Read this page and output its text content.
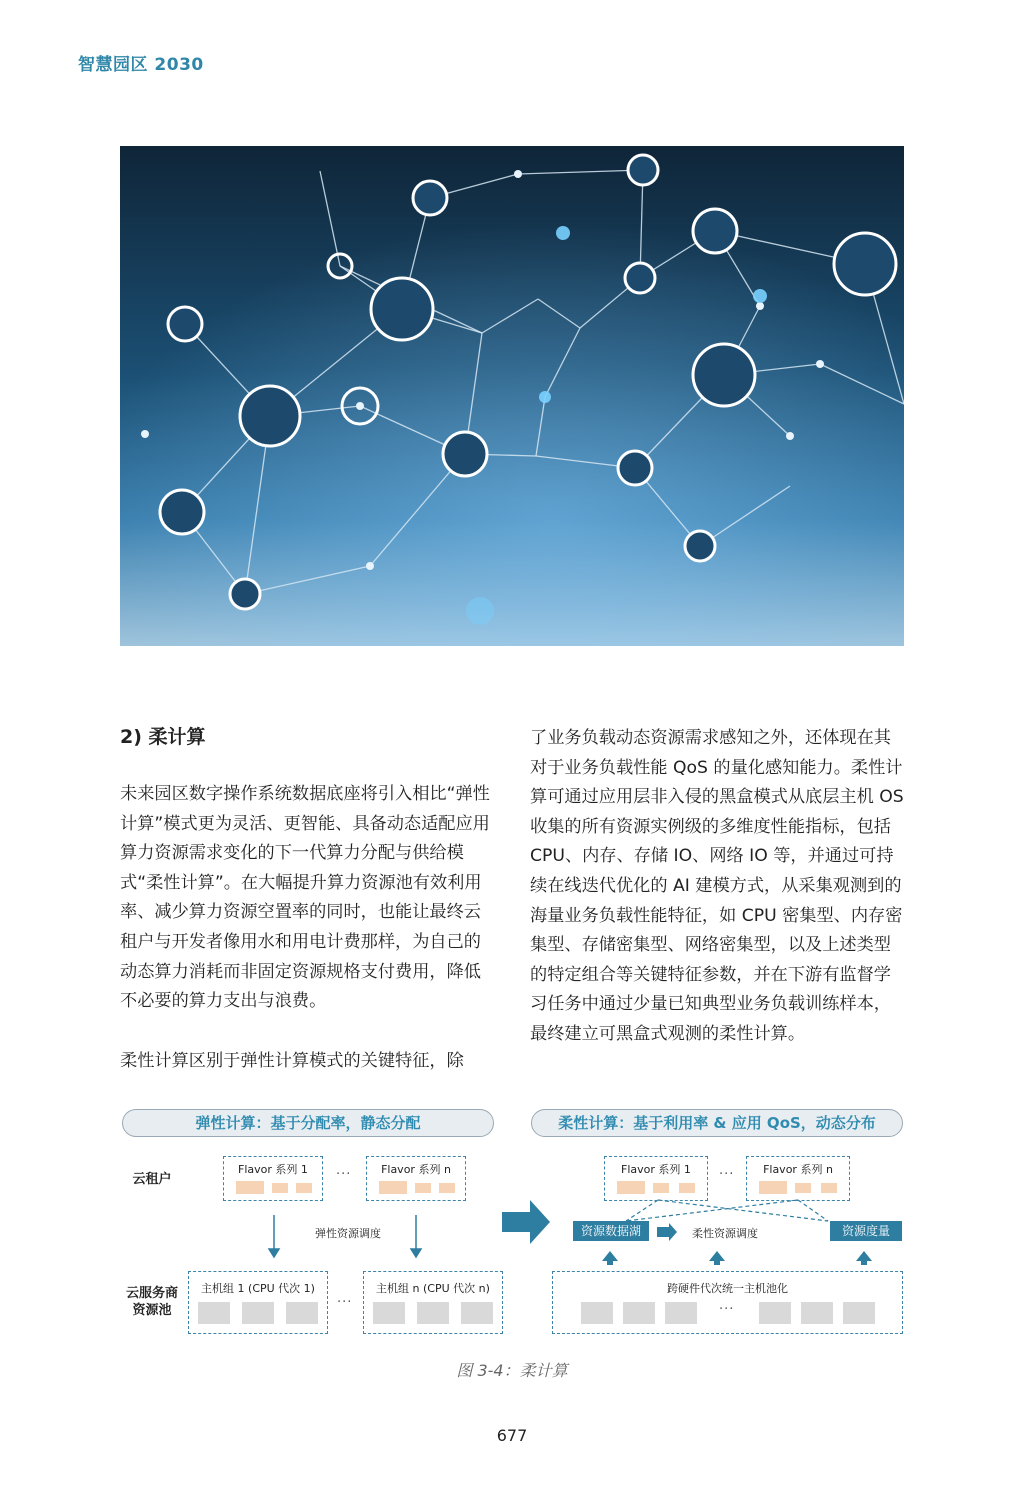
智慧园区 2030

2) 柔计算

未来园区数字操作系统数据底座将引入相比“弹性计算”模式更为灵活、更智能、具备动态适配应用算力资源需求变化的下一代算力分配与供给模式“柔性计算”。在大幅提升算力资源池有效利用率、减少算力资源空置率的同时，也能让最终云租户与开发者像用水和用电计费那样，为自己的动态算力消耗而非固定资源规格支付费用，降低不必要的算力支出与浪费。

柔性计算区别于弹性计算模式的关键特征，除

了业务负载动态资源需求感知之外，还体现在其对于业务负载性能 QoS 的量化感知能力。柔性计算可通过应用层非入侵的黑盒模式从底层主机 OS 收集的所有资源实例级的多维度性能指标，包括 CPU、内存、存储 IO、网络 IO 等，并通过可持续在线迭代优化的 AI 建模方式，从采集观测到的海量业务负载性能特征，如 CPU 密集型、内存密集型、存储密集型、网络密集型，以及上述类型的特定组合等关键特征参数，并在下游有监督学习任务中通过少量已知典型业务负载训练样本，最终建立可黑盒式观测的柔性计算。

弹性计算：基于分配率，静态分配	柔性计算：基于利用率 & 应用 QoS，动态分布
云租户
云服务商资源池
Flavor 系列 1	···	Flavor 系列 n
弹性资源调度
主机组 1 (CPU 代次 1)
···
主机组 n (CPU 代次 n)
Flavor 系列 1	···	Flavor 系列 n
资源数据湖	柔性资源调度	资源度量
跨硬件代次统一主机池化
···
图 3-4：柔计算
677
